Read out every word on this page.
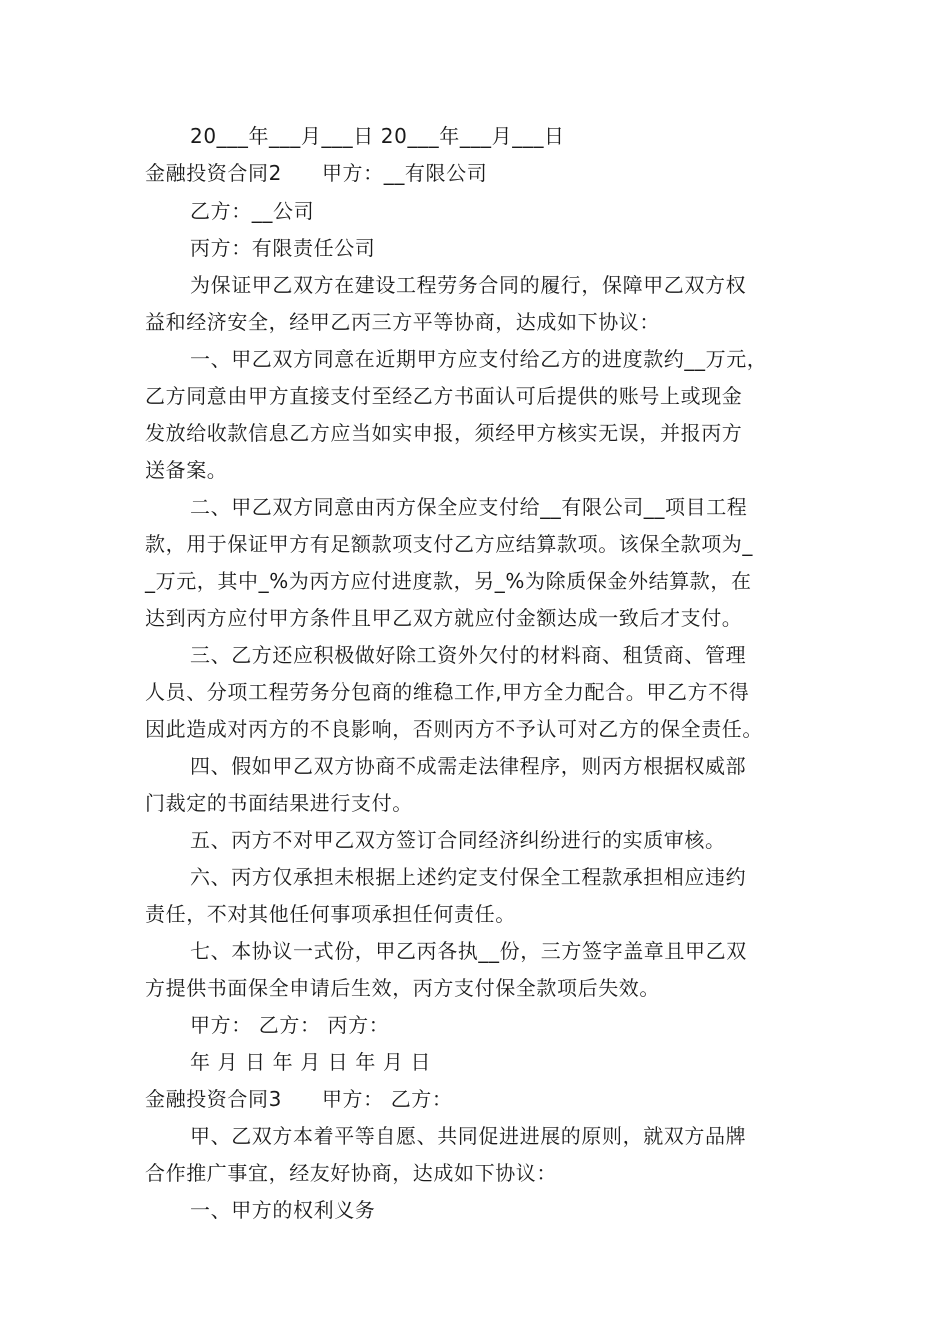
20___年___月___日 20___年___月___日
金融投资合同2 甲方：__有限公司
乙方：__公司
丙方：有限责任公司
为保证甲乙双方在建设工程劳务合同的履行，保障甲乙双方权
益和经济安全，经甲乙丙三方平等协商，达成如下协议：
一、甲乙双方同意在近期甲方应支付给乙方的进度款约__万元，
乙方同意由甲方直接支付至经乙方书面认可后提供的账号上或现金
发放给收款信息乙方应当如实申报，须经甲方核实无误，并报丙方
送备案。
二、甲乙双方同意由丙方保全应支付给__有限公司__项目工程
款，用于保证甲方有足额款项支付乙方应结算款项。该保全款项为_
_万元，其中_%为丙方应付进度款，另_%为除质保金外结算款，在
达到丙方应付甲方条件且甲乙双方就应付金额达成一致后才支付。
三、乙方还应积极做好除工资外欠付的材料商、租赁商、管理
人员、分项工程劳务分包商的维稳工作,甲方全力配合。甲乙方不得
因此造成对丙方的不良影响，否则丙方不予认可对乙方的保全责任。
四、假如甲乙双方协商不成需走法律程序，则丙方根据权威部
门裁定的书面结果进行支付。
五、丙方不对甲乙双方签订合同经济纠纷进行的实质审核。
六、丙方仅承担未根据上述约定支付保全工程款承担相应违约
责任，不对其他任何事项承担任何责任。
七、本协议一式份，甲乙丙各执__份，三方签字盖章且甲乙双
方提供书面保全申请后生效，丙方支付保全款项后失效。
甲方： 乙方： 丙方：
年 月 日 年 月 日 年 月 日
金融投资合同3 甲方： 乙方：
甲、乙双方本着平等自愿、共同促进进展的原则，就双方品牌
合作推广事宜，经友好协商，达成如下协议：
一、甲方的权利义务
